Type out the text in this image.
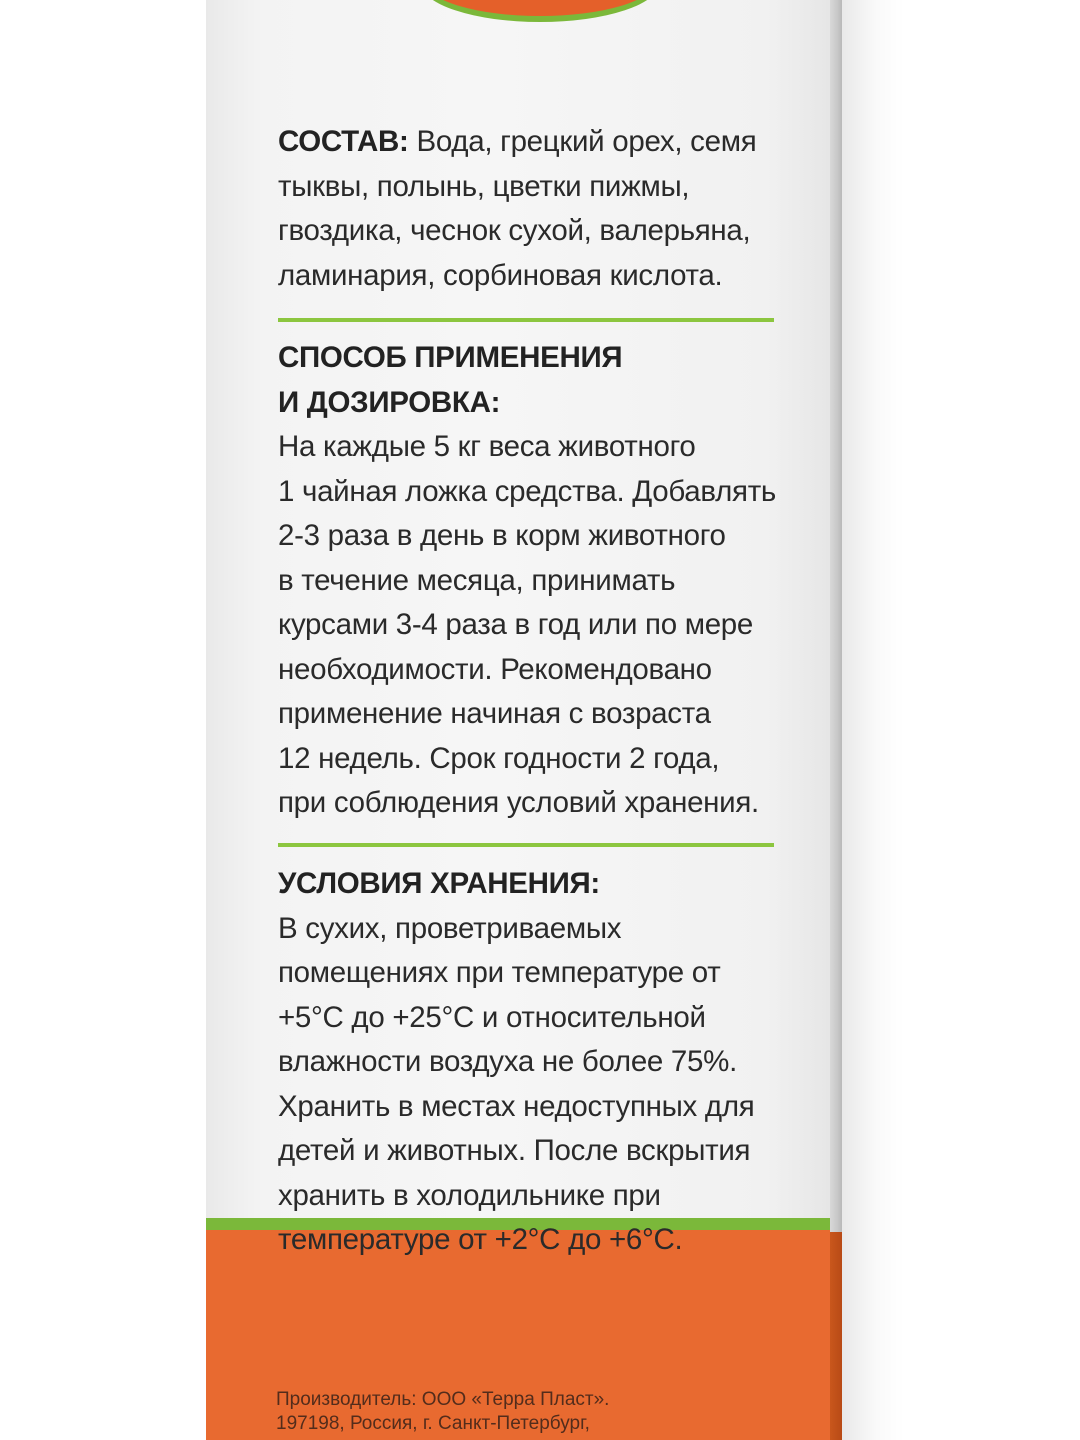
СОСТАВ: Вода, грецкий орех, семя
тыквы, полынь, цветки пижмы,
гвоздика, чеснок сухой, валерьяна,
ламинария, сорбиновая кислота.
СПОСОБ ПРИМЕНЕНИЯ
И ДОЗИРОВКА:
На каждые 5 кг веса животного
1 чайная ложка средства. Добавлять
2-3 раза в день в корм животного
в течение месяца, принимать
курсами 3-4 раза в год или по мере
необходимости. Рекомендовано
применение начиная с возраста
12 недель. Срок годности 2 года,
при соблюдения условий хранения.
УСЛОВИЯ ХРАНЕНИЯ:
В сухих, проветриваемых
помещениях при температуре от
+5°С до +25°С и относительной
влажности воздуха не более 75%.
Хранить в местах недоступных для
детей и животных. После вскрытия
хранить в холодильнике при
температуре от +2°С до +6°С.
Производитель: ООО «Терра Пласт».
197198, Россия, г. Санкт-Петербург,
